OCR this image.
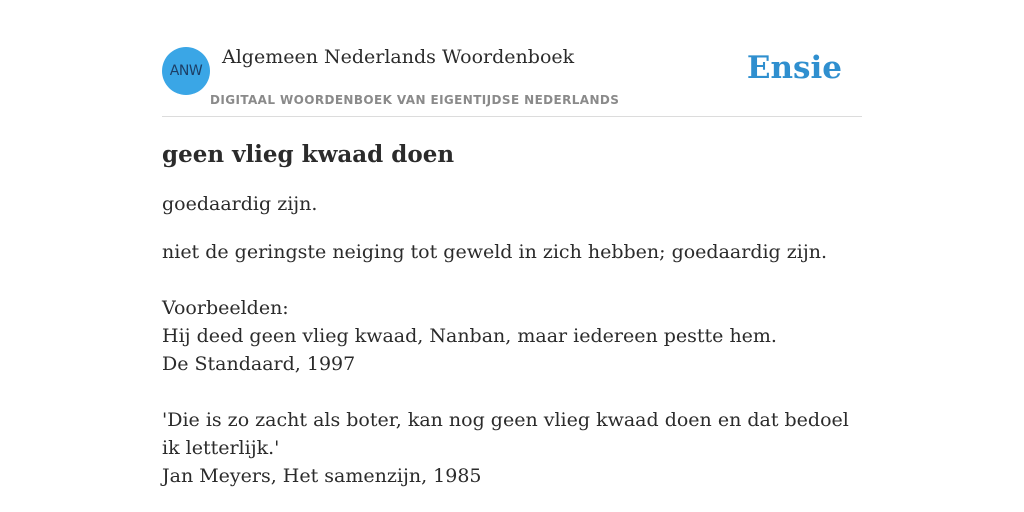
ANW
Algemeen Nederlands Woordenboek
DIGITAAL WOORDENBOEK VAN EIGENTIJDSE NEDERLANDS
Ensie
geen vlieg kwaad doen
goedaardig zijn.
niet de geringste neiging tot geweld in zich hebben; goedaardig zijn.
Voorbeelden:
Hij deed geen vlieg kwaad, Nanban, maar iedereen pestte hem.
De Standaard, 1997
'Die is zo zacht als boter, kan nog geen vlieg kwaad doen en dat bedoel ik letterlijk.'
Jan Meyers, Het samenzijn, 1985
